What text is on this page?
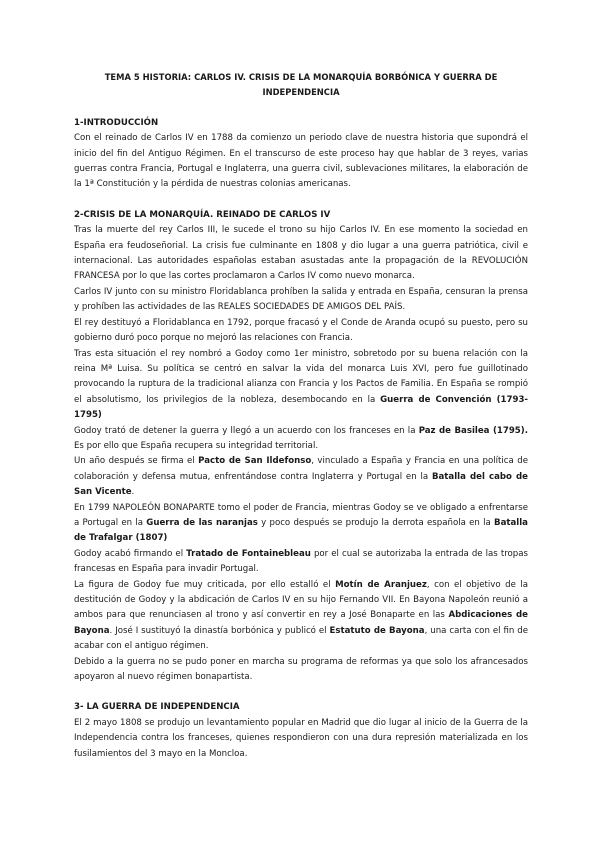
TEMA 5 HISTORIA: CARLOS IV. CRISIS DE LA MONARQUÍA BORBÓNICA Y GUERRA DE INDEPENDENCIA
1-INTRODUCCIÓN

Con el reinado de Carlos IV en 1788 da comienzo un periodo clave de nuestra historia que supondrá el inicio del fin del Antiguo Régimen. En el transcurso de este proceso hay que hablar de 3 reyes, varias guerras contra Francia, Portugal e Inglaterra, una guerra civil, sublevaciones militares, la elaboración de la 1ª Constitución y la pérdida de nuestras colonias americanas.

2-CRISIS DE LA MONARQUÍA. REINADO DE CARLOS IV

Tras la muerte del rey Carlos III, le sucede el trono su hijo Carlos IV. En ese momento la sociedad en España era feudoseñorial. La crisis fue culminante en 1808 y dio lugar a una guerra patriótica, civil e internacional. Las autoridades españolas estaban asustadas ante la propagación de la REVOLUCIÓN FRANCESA por lo que las cortes proclamaron a Carlos IV como nuevo monarca.

Carlos IV junto con su ministro Floridablanca prohíben la salida y entrada en España, censuran la prensa y prohíben las actividades de las REALES SOCIEDADES DE AMIGOS DEL PAÍS.

El rey destituyó a Floridablanca en 1792, porque fracasó y el Conde de Aranda ocupó su puesto, pero su gobierno duró poco porque no mejoró las relaciones con Francia.

Tras esta situación el rey nombró a Godoy como 1er ministro, sobretodo por su buena relación con la reina Mª Luisa. Su política se centró en salvar la vida del monarca Luis XVI, pero fue guillotinado provocando la ruptura de la tradicional alianza con Francia y los Pactos de Familia. En España se rompió el absolutismo, los privilegios de la nobleza, desembocando en la Guerra de Convención (1793-1795)

Godoy trató de detener la guerra y llegó a un acuerdo con los franceses en la Paz de Basilea (1795). Es por ello que España recupera su integridad territorial.

Un año después se firma el Pacto de San Ildefonso, vinculado a España y Francia en una política de colaboración y defensa mutua, enfrentándose contra Inglaterra y Portugal en la Batalla del cabo de San Vicente.

En 1799 NAPOLEÓN BONAPARTE tomo el poder de Francia, mientras Godoy se ve obligado a enfrentarse a Portugal en la Guerra de las naranjas y poco después se produjo la derrota española en la Batalla de Trafalgar (1807)

Godoy acabó firmando el Tratado de Fontainebleau por el cual se autorizaba la entrada de las tropas francesas en España para invadir Portugal.

La figura de Godoy fue muy criticada, por ello estalló el Motín de Aranjuez, con el objetivo de la destitución de Godoy y la abdicación de Carlos IV en su hijo Fernando VII. En Bayona Napoleón reunió a ambos para que renunciasen al trono y así convertir en rey a José Bonaparte en las Abdicaciones de Bayona. José I sustituyó la dinastía borbónica y publicó el Estatuto de Bayona, una carta con el fin de acabar con el antiguo régimen.

Debido a la guerra no se pudo poner en marcha su programa de reformas ya que solo los afrancesados apoyaron al nuevo régimen bonapartista.

3- LA GUERRA DE INDEPENDENCIA

El 2 mayo 1808 se produjo un levantamiento popular en Madrid que dio lugar al inicio de la Guerra de la Independencia contra los franceses, quienes respondieron con una dura represión materializada en los fusilamientos del 3 mayo en la Moncloa.
